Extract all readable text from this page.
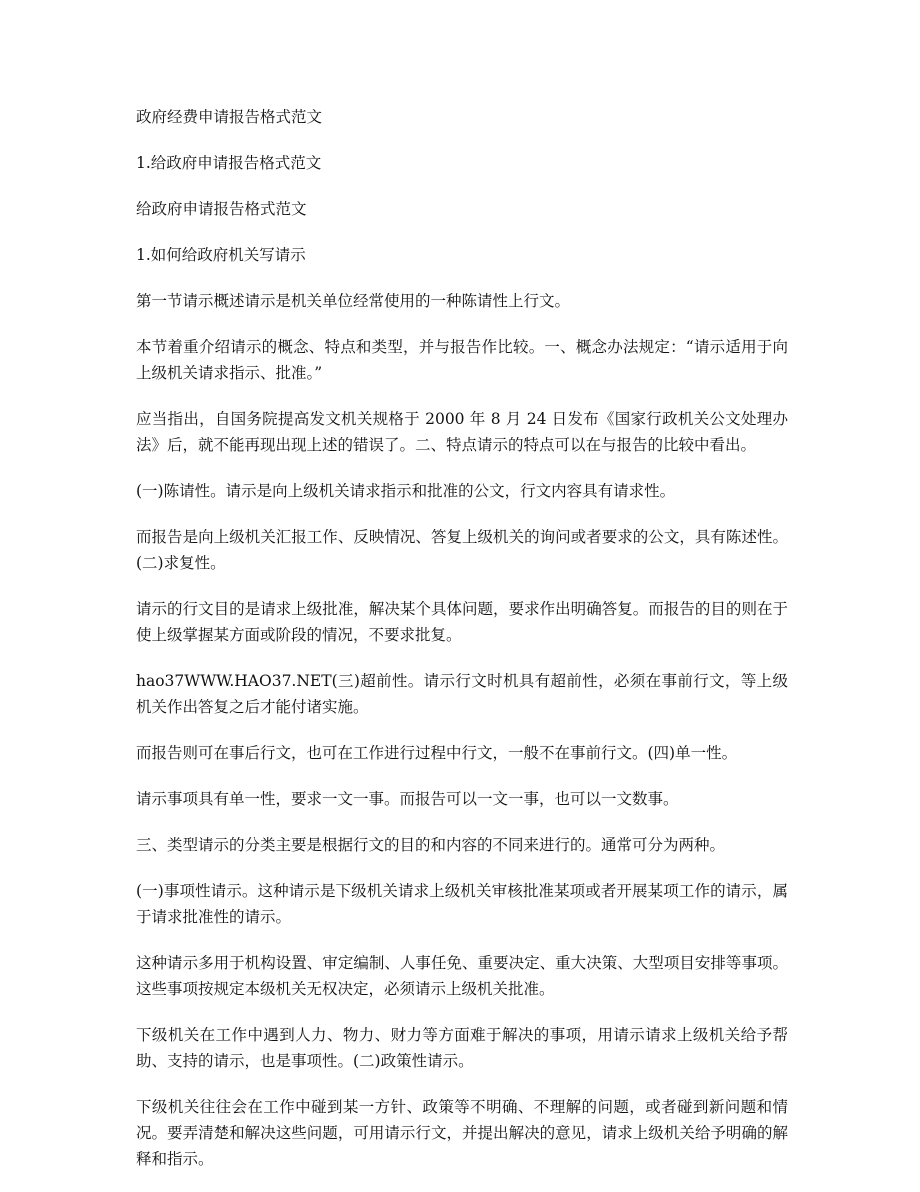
政府经费申请报告格式范文

1.给政府申请报告格式范文

给政府申请报告格式范文

1.如何给政府机关写请示

第一节请示概述请示是机关单位经常使用的一种陈请性上行文。

本节着重介绍请示的概念、特点和类型，并与报告作比较。一、概念办法规定：“请示适用于向上级机关请求指示、批准。”

应当指出，自国务院提高发文机关规格于 2000 年 8 月 24 日发布《国家行政机关公文处理办法》后，就不能再现出现上述的错误了。二、特点请示的特点可以在与报告的比较中看出。

(一)陈请性。请示是向上级机关请求指示和批准的公文，行文内容具有请求性。

而报告是向上级机关汇报工作、反映情况、答复上级机关的询问或者要求的公文，具有陈述性。(二)求复性。

请示的行文目的是请求上级批准，解决某个具体问题，要求作出明确答复。而报告的目的则在于使上级掌握某方面或阶段的情况，不要求批复。

hao37WWW.HAO37.NET(三)超前性。请示行文时机具有超前性，必须在事前行文，等上级机关作出答复之后才能付诸实施。

而报告则可在事后行文，也可在工作进行过程中行文，一般不在事前行文。(四)单一性。

请示事项具有单一性，要求一文一事。而报告可以一文一事，也可以一文数事。

三、类型请示的分类主要是根据行文的目的和内容的不同来进行的。通常可分为两种。

(一)事项性请示。这种请示是下级机关请求上级机关审核批准某项或者开展某项工作的请示，属于请求批准性的请示。

这种请示多用于机构设置、审定编制、人事任免、重要决定、重大决策、大型项目安排等事项。这些事项按规定本级机关无权决定，必须请示上级机关批准。

下级机关在工作中遇到人力、物力、财力等方面难于解决的事项，用请示请求上级机关给予帮助、支持的请示，也是事项性。(二)政策性请示。

下级机关往往会在工作中碰到某一方针、政策等不明确、不理解的问题，或者碰到新问题和情况。要弄清楚和解决这些问题，可用请示行文，并提出解决的意见，请求上级机关给予明确的解释和指示。
